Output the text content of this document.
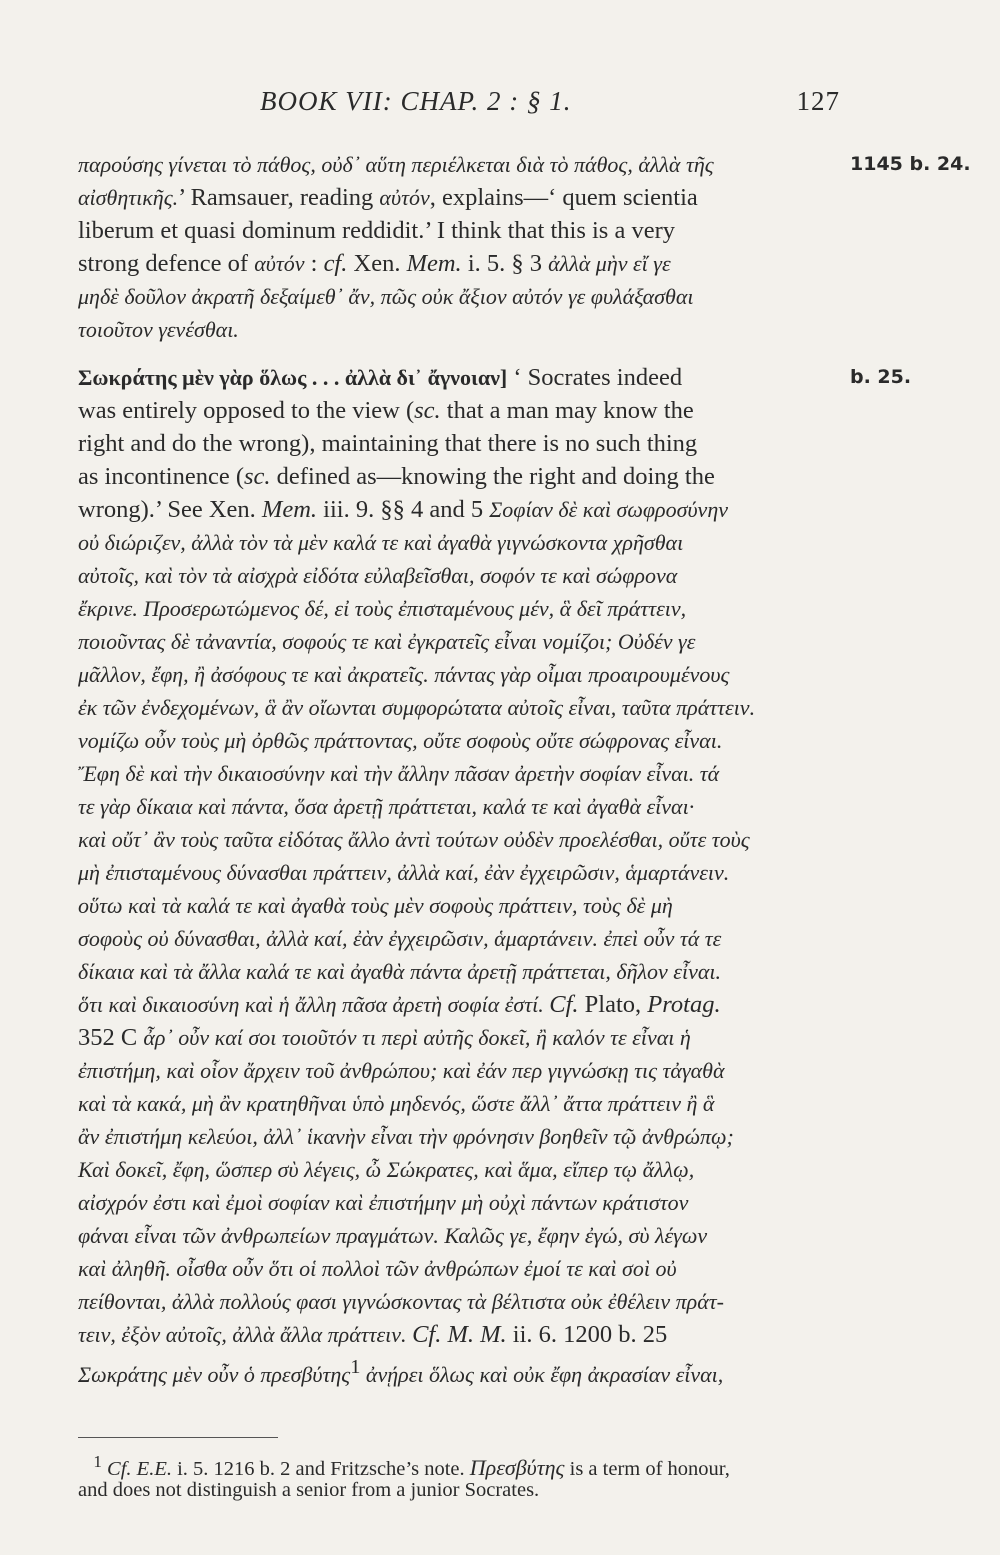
BOOK VII: CHAP. 2 : § 1.	127
παρούσης γίνεται τὸ πάθος, οὐδ᾽ αὕτη περιέλκεται διὰ τὸ πάθος, ἀλλὰ τῆς	1145 b. 24.
αἰσθητικῆς.’ Ramsauer, reading αὐτόν, explains—‘ quem scientia
liberum et quasi dominum reddidit.’ I think that this is a very
strong defence of αὐτόν : cf. Xen. Mem. i. 5. § 3 ἀλλὰ μὴν εἴ γε
μηδὲ δοῦλον ἀκρατῆ δεξαίμεθ᾽ ἄν, πῶς οὐκ ἄξιον αὐτόν γε φυλάξασθαι
τοιοῦτον γενέσθαι.
Σωκράτης μὲν γὰρ ὅλως . . . ἀλλὰ δι᾽ ἄγνοιαν] ‘ Socrates indeed	b. 25.
was entirely opposed to the view (sc. that a man may know the
right and do the wrong), maintaining that there is no such thing
as incontinence (sc. defined as—knowing the right and doing the
wrong).’ See Xen. Mem. iii. 9. §§ 4 and 5 Σοφίαν δὲ καὶ σωφροσύνην
οὐ διώριζεν, ἀλλὰ τὸν τὰ μὲν καλά τε καὶ ἀγαθὰ γιγνώσκοντα χρῆσθαι
αὐτοῖς, καὶ τὸν τὰ αἰσχρὰ εἰδότα εὐλαβεῖσθαι, σοφόν τε καὶ σώφρονα
ἔκρινε. Προσερωτώμενος δέ, εἰ τοὺς ἐπισταμένους μέν, ἃ δεῖ πράττειν,
ποιοῦντας δὲ τἀναντία, σοφούς τε καὶ ἐγκρατεῖς εἶναι νομίζοι; Οὐδέν γε
μᾶλλον, ἔφη, ἢ ἀσόφους τε καὶ ἀκρατεῖς. πάντας γὰρ οἶμαι προαιρουμένους
ἐκ τῶν ἐνδεχομένων, ἃ ἂν οἴωνται συμφορώτατα αὐτοῖς εἶναι, ταῦτα πράττειν.
νομίζω οὖν τοὺς μὴ ὀρθῶς πράττοντας, οὔτε σοφοὺς οὔτε σώφρονας εἶναι.
Ἔφη δὲ καὶ τὴν δικαιοσύνην καὶ τὴν ἄλλην πᾶσαν ἀρετὴν σοφίαν εἶναι. τά
τε γὰρ δίκαια καὶ πάντα, ὅσα ἀρετῇ πράττεται, καλά τε καὶ ἀγαθὰ εἶναι·
καὶ οὔτ᾽ ἂν τοὺς ταῦτα εἰδότας ἄλλο ἀντὶ τούτων οὐδὲν προελέσθαι, οὔτε τοὺς
μὴ ἐπισταμένους δύνασθαι πράττειν, ἀλλὰ καί, ἐὰν ἐγχειρῶσιν, ἁμαρτάνειν.
οὕτω καὶ τὰ καλά τε καὶ ἀγαθὰ τοὺς μὲν σοφοὺς πράττειν, τοὺς δὲ μὴ
σοφοὺς οὐ δύνασθαι, ἀλλὰ καί, ἐὰν ἐγχειρῶσιν, ἁμαρτάνειν. ἐπεὶ οὖν τά τε
δίκαια καὶ τὰ ἄλλα καλά τε καὶ ἀγαθὰ πάντα ἀρετῇ πράττεται, δῆλον εἶναι.
ὅτι καὶ δικαιοσύνη καὶ ἡ ἄλλη πᾶσα ἀρετὴ σοφία ἐστί. Cf. Plato, Protag.
352 C ἆρ᾽ οὖν καί σοι τοιοῦτόν τι περὶ αὐτῆς δοκεῖ, ἢ καλόν τε εἶναι ἡ
ἐπιστήμη, καὶ οἷον ἄρχειν τοῦ ἀνθρώπου; καὶ ἐάν περ γιγνώσκῃ τις τἀγαθὰ
καὶ τὰ κακά, μὴ ἂν κρατηθῆναι ὑπὸ μηδενός, ὥστε ἄλλ᾽ ἄττα πράττειν ἢ ἃ
ἂν ἐπιστήμη κελεύοι, ἀλλ᾽ ἱκανὴν εἶναι τὴν φρόνησιν βοηθεῖν τῷ ἀνθρώπῳ;
Καὶ δοκεῖ, ἔφη, ὥσπερ σὺ λέγεις, ὦ Σώκρατες, καὶ ἅμα, εἴπερ τῳ ἄλλῳ,
αἰσχρόν ἐστι καὶ ἐμοὶ σοφίαν καὶ ἐπιστήμην μὴ οὐχὶ πάντων κράτιστον
φάναι εἶναι τῶν ἀνθρωπείων πραγμάτων. Καλῶς γε, ἔφην ἐγώ, σὺ λέγων
καὶ ἀληθῆ. οἶσθα οὖν ὅτι οἱ πολλοὶ τῶν ἀνθρώπων ἐμοί τε καὶ σοὶ οὐ
πείθονται, ἀλλὰ πολλούς φασι γιγνώσκοντας τὰ βέλτιστα οὐκ ἐθέλειν πράτ-
τειν, ἐξὸν αὐτοῖς, ἀλλὰ ἄλλα πράττειν. Cf. M. M. ii. 6. 1200 b. 25
Σωκράτης μὲν οὖν ὁ πρεσβύτης$^1$ ἀνῄρει ὅλως καὶ οὐκ ἔφη ἀκρασίαν εἶναι,
$^1$ Cf. E.E. i. 5. 1216 b. 2 and Fritzsche’s note. Πρεσβύτης is a term of honour,
and does not distinguish a senior from a junior Socrates.
